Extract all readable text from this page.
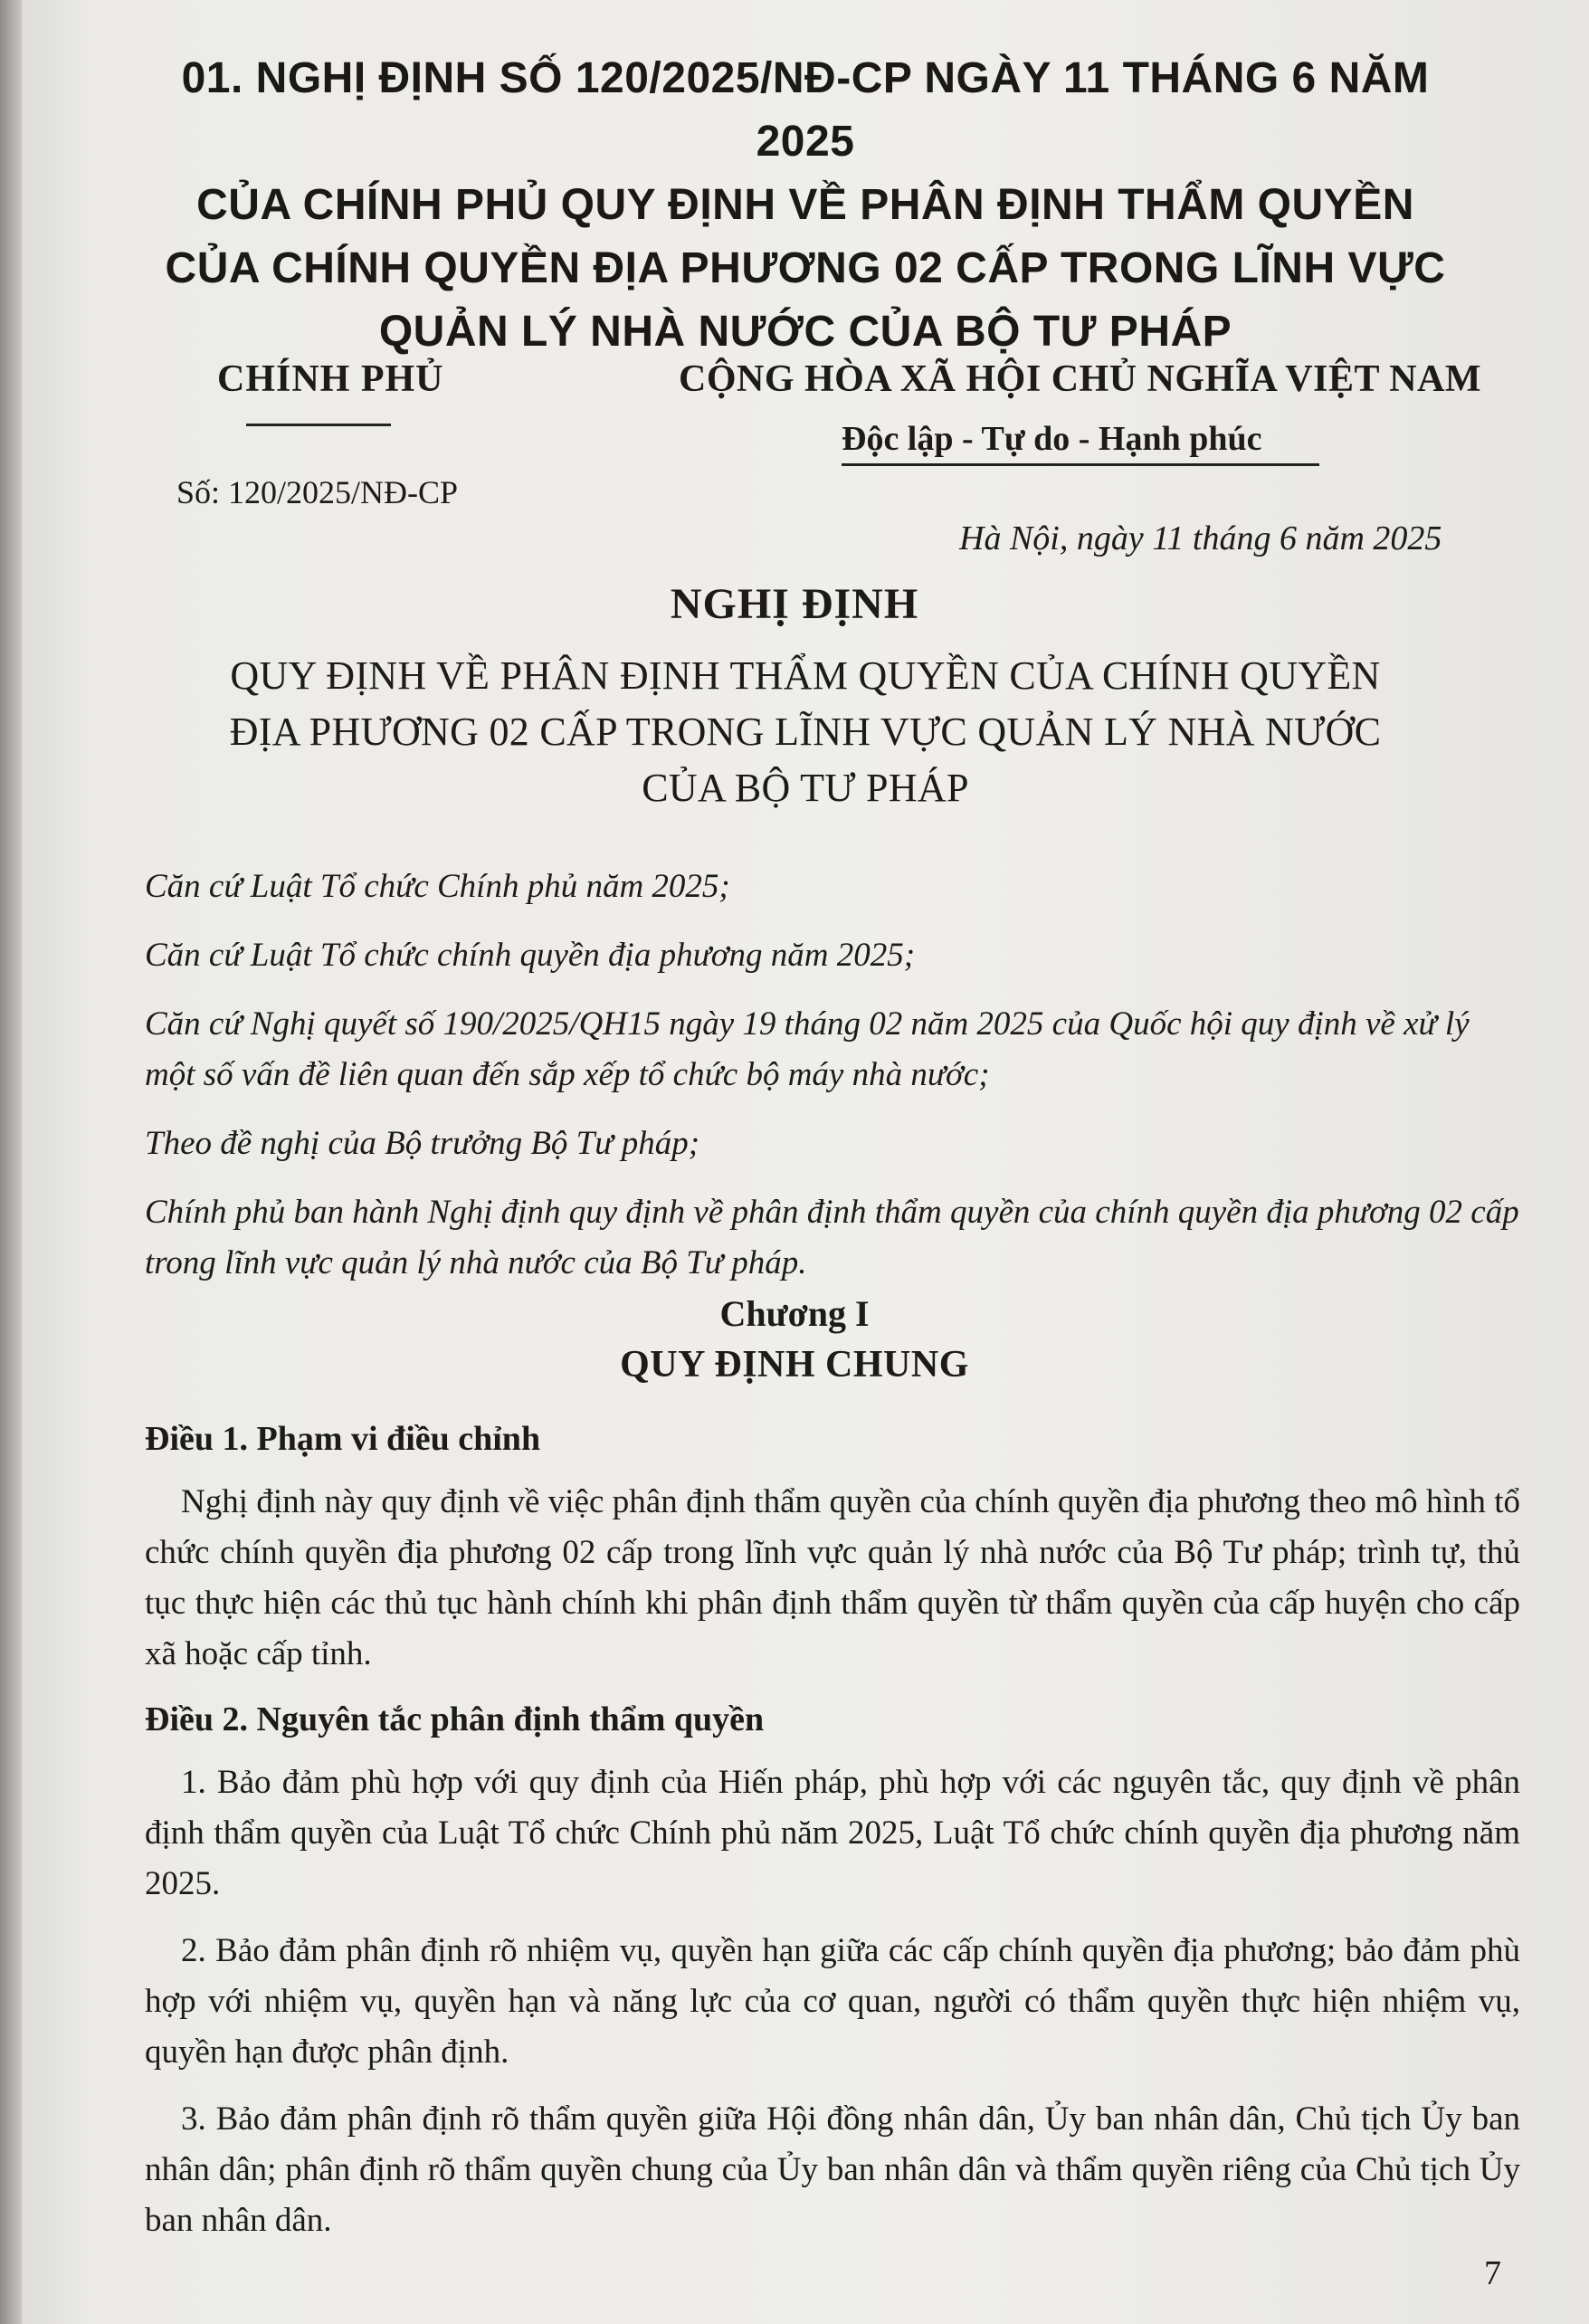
01. NGHỊ ĐỊNH SỐ 120/2025/NĐ-CP NGÀY 11 THÁNG 6 NĂM 2025
CỦA CHÍNH PHỦ QUY ĐỊNH VỀ PHÂN ĐỊNH THẨM QUYỀN
CỦA CHÍNH QUYỀN ĐỊA PHƯƠNG 02 CẤP TRONG LĨNH VỰC
QUẢN LÝ NHÀ NƯỚC CỦA BỘ TƯ PHÁP
CHÍNH PHỦ	CỘNG HÒA XÃ HỘI CHỦ NGHĨA VIỆT NAM
Độc lập - Tự do - Hạnh phúc
Số: 120/2025/NĐ-CP
Hà Nội, ngày 11 tháng 6 năm 2025
NGHỊ ĐỊNH
QUY ĐỊNH VỀ PHÂN ĐỊNH THẨM QUYỀN CỦA CHÍNH QUYỀN
ĐỊA PHƯƠNG 02 CẤP TRONG LĨNH VỰC QUẢN LÝ NHÀ NƯỚC
CỦA BỘ TƯ PHÁP

Căn cứ Luật Tổ chức Chính phủ năm 2025;

Căn cứ Luật Tổ chức chính quyền địa phương năm 2025;

Căn cứ Nghị quyết số 190/2025/QH15 ngày 19 tháng 02 năm 2025 của Quốc hội quy định về xử lý một số vấn đề liên quan đến sắp xếp tổ chức bộ máy nhà nước;

Theo đề nghị của Bộ trưởng Bộ Tư pháp;

Chính phủ ban hành Nghị định quy định về phân định thẩm quyền của chính quyền địa phương 02 cấp trong lĩnh vực quản lý nhà nước của Bộ Tư pháp.

Chương I
QUY ĐỊNH CHUNG
Điều 1. Phạm vi điều chỉnh

Nghị định này quy định về việc phân định thẩm quyền của chính quyền địa phương theo mô hình tổ chức chính quyền địa phương 02 cấp trong lĩnh vực quản lý nhà nước của Bộ Tư pháp; trình tự, thủ tục thực hiện các thủ tục hành chính khi phân định thẩm quyền từ thẩm quyền của cấp huyện cho cấp xã hoặc cấp tỉnh.

Điều 2. Nguyên tắc phân định thẩm quyền

1. Bảo đảm phù hợp với quy định của Hiến pháp, phù hợp với các nguyên tắc, quy định về phân định thẩm quyền của Luật Tổ chức Chính phủ năm 2025, Luật Tổ chức chính quyền địa phương năm 2025.

2. Bảo đảm phân định rõ nhiệm vụ, quyền hạn giữa các cấp chính quyền địa phương; bảo đảm phù hợp với nhiệm vụ, quyền hạn và năng lực của cơ quan, người có thẩm quyền thực hiện nhiệm vụ, quyền hạn được phân định.

3. Bảo đảm phân định rõ thẩm quyền giữa Hội đồng nhân dân, Ủy ban nhân dân, Chủ tịch Ủy ban nhân dân; phân định rõ thẩm quyền chung của Ủy ban nhân dân và thẩm quyền riêng của Chủ tịch Ủy ban nhân dân.

7
